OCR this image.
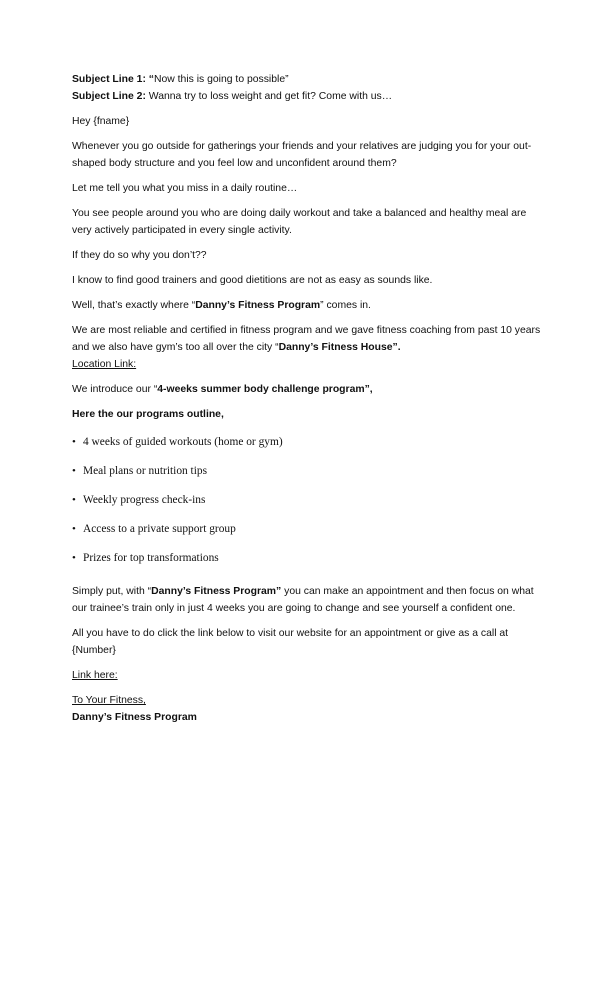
Subject Line 1: “Now this is going to possible”
Subject Line 2: Wanna try to loss weight and get fit? Come with us…
Hey {fname}
Whenever you go outside for gatherings your friends and your relatives are judging you for your out-shaped body structure and you feel low and unconfident around them?
Let me tell you what you miss in a daily routine…
You see people around you who are doing daily workout and take a balanced and healthy meal are very actively participated in every single activity.
If they do so why you don’t??
I know to find good trainers and good dietitions are not as easy as sounds like.
Well, that’s exactly where “Danny’s Fitness Program” comes in.
We are most reliable and certified in fitness program and we gave fitness coaching from past 10 years and we also have gym’s too all over the city “Danny’s Fitness House”.
Location Link:
We introduce our “4-weeks summer body challenge program”,
Here the our programs outline,
• 4 weeks of guided workouts (home or gym)
• Meal plans or nutrition tips
• Weekly progress check-ins
• Access to a private support group
• Prizes for top transformations
Simply put, with “Danny’s Fitness Program” you can make an appointment and then focus on what our trainee’s train only in just 4 weeks you are going to change and see yourself a confident one.
All you have to do click the link below to visit our website for an appointment or give as a call at {Number}
Link here:
To Your Fitness,
Danny’s Fitness Program
